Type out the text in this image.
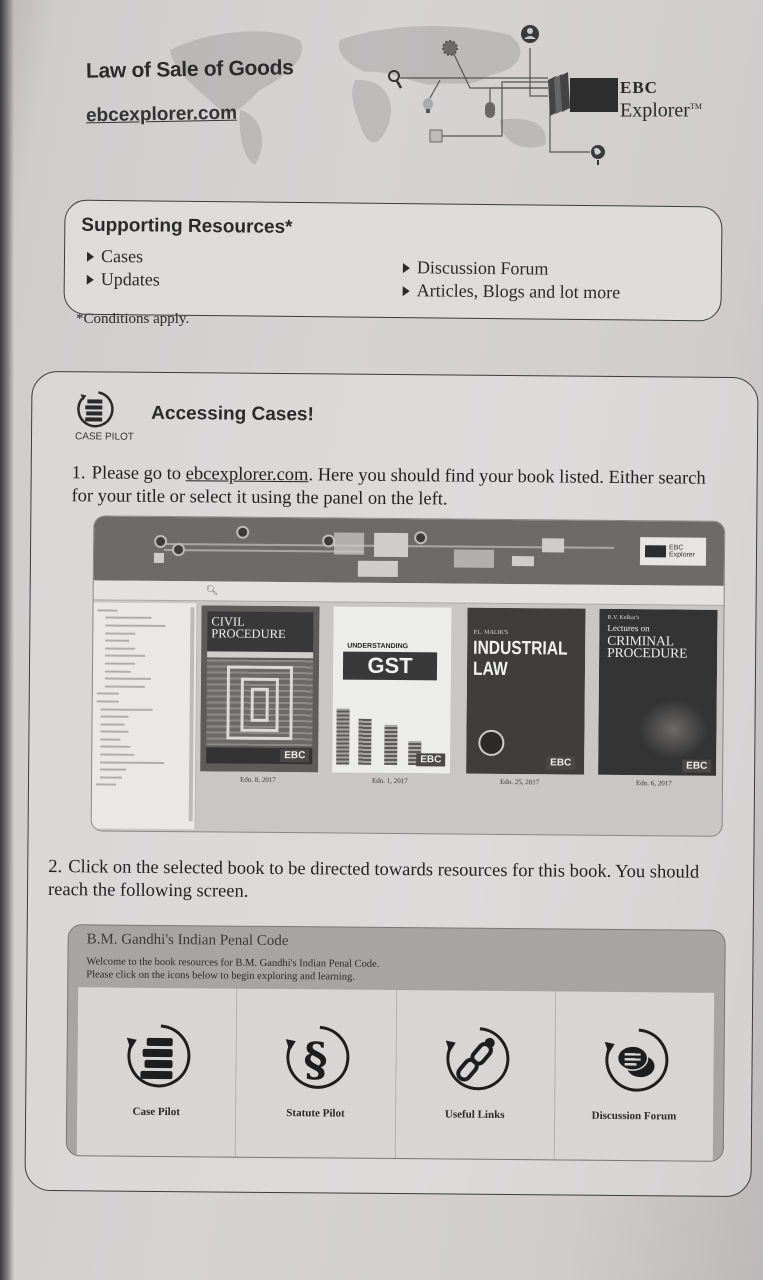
Law of Sale of Goods
ebcexplorer.com
EBC
Explorer™
Supporting Resources*
Cases
Updates
Discussion Forum
Articles, Blogs and lot more
*Conditions apply.
CASE PILOT
Accessing Cases!
1. Please go to ebcexplorer.com. Here you should find your book listed. Either search for your title or select it using the panel on the left.
EBC Explorer
🔍︎
CIVIL
PROCEDURE
EBC
UNDERSTANDING
GST
EBC
P.L. MALIK'S
INDUSTRIAL
LAW
EBC
R.V. Kelkar's
Lectures on
CRIMINAL
PROCEDURE
EBC
Edn. 8, 2017	Edn. 1, 2017	Edn. 25, 2017	Edn. 6, 2017
2. Click on the selected book to be directed towards resources for this book. You should reach the following screen.
B.M. Gandhi's Indian Penal Code
Welcome to the book resources for B.M. Gandhi's Indian Penal Code.
Please click on the icons below to begin exploring and learning.
Case Pilot
§
Statute Pilot	Useful Links	Discussion Forum
